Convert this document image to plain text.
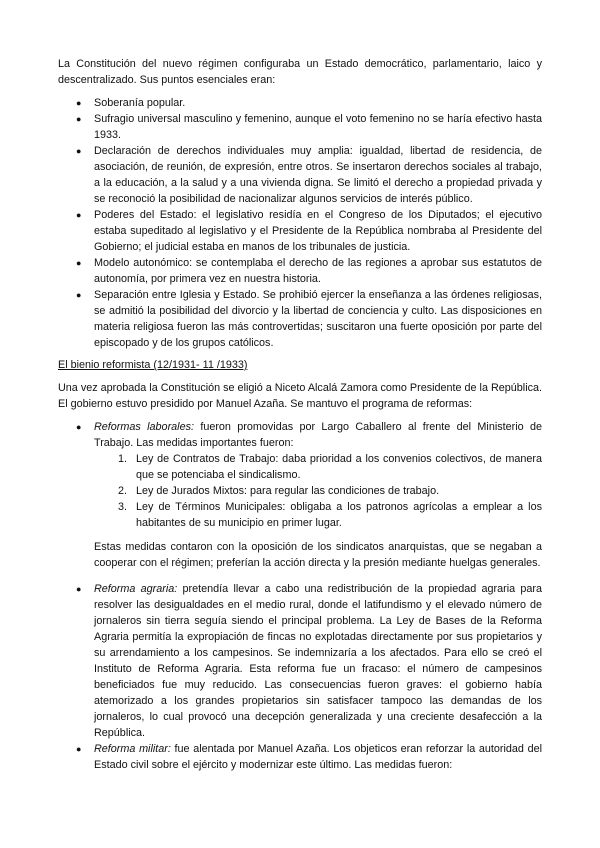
La Constitución del nuevo régimen configuraba un Estado democrático, parlamentario, laico y descentralizado. Sus puntos esenciales eran:

● Soberanía popular.
● Sufragio universal masculino y femenino, aunque el voto femenino no se haría efectivo hasta 1933.
● Declaración de derechos individuales muy amplia: igualdad, libertad de residencia, de asociación, de reunión, de expresión, entre otros. Se insertaron derechos sociales al trabajo, a la educación, a la salud y a una vivienda digna. Se limitó el derecho a propiedad privada y se reconoció la posibilidad de nacionalizar algunos servicios de interés público.
● Poderes del Estado: el legislativo residía en el Congreso de los Diputados; el ejecutivo estaba supeditado al legislativo y el Presidente de la República nombraba al Presidente del Gobierno; el judicial estaba en manos de los tribunales de justicia.
● Modelo autonómico: se contemplaba el derecho de las regiones a aprobar sus estatutos de autonomía, por primera vez en nuestra historia.
● Separación entre Iglesia y Estado. Se prohibió ejercer la enseñanza a las órdenes religiosas, se admitió la posibilidad del divorcio y la libertad de conciencia y culto. Las disposiciones en materia religiosa fueron las más controvertidas; suscitaron una fuerte oposición por parte del episcopado y de los grupos católicos.

El bienio reformista (12/1931- 11 /1933)

Una vez aprobada la Constitución se eligió a Niceto Alcalá Zamora como Presidente de la República. El gobierno estuvo presidido por Manuel Azaña. Se mantuvo el programa de reformas:

● Reformas laborales: fueron promovidas por Largo Caballero al frente del Ministerio de Trabajo. Las medidas importantes fueron:
1. Ley de Contratos de Trabajo: daba prioridad a los convenios colectivos, de manera que se potenciaba el sindicalismo.
2. Ley de Jurados Mixtos: para regular las condiciones de trabajo.
3. Ley de Términos Municipales: obligaba a los patronos agrícolas a emplear a los habitantes de su municipio en primer lugar.

Estas medidas contaron con la oposición de los sindicatos anarquistas, que se negaban a cooperar con el régimen; preferían la acción directa y la presión mediante huelgas generales.

● Reforma agraria: pretendía llevar a cabo una redistribución de la propiedad agraria para resolver las desigualdades en el medio rural, donde el latifundismo y el elevado número de jornaleros sin tierra seguía siendo el principal problema. La Ley de Bases de la Reforma Agraria permitía la expropiación de fincas no explotadas directamente por sus propietarios y su arrendamiento a los campesinos. Se indemnizaría a los afectados. Para ello se creó el Instituto de Reforma Agraria. Esta reforma fue un fracaso: el número de campesinos beneficiados fue muy reducido. Las consecuencias fueron graves: el gobierno había atemorizado a los grandes propietarios sin satisfacer tampoco las demandas de los jornaleros, lo cual provocó una decepción generalizada y una creciente desafección a la República.
● Reforma militar: fue alentada por Manuel Azaña. Los objeticos eran reforzar la autoridad del Estado civil sobre el ejército y modernizar este último. Las medidas fueron:
